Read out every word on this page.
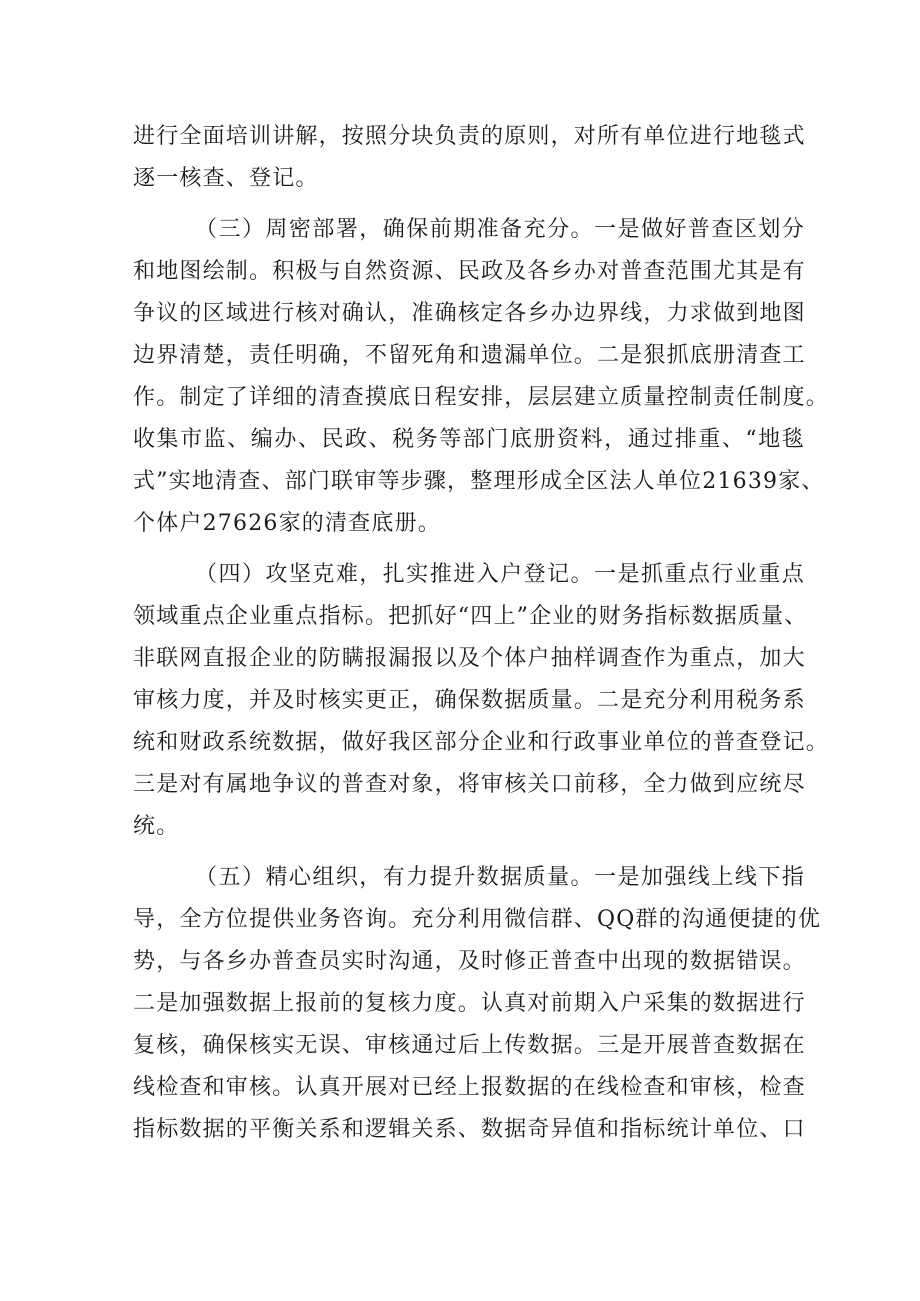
进行全面培训讲解，按照分块负责的原则，对所有单位进行地毯式
逐一核查、登记。

（三）周密部署，确保前期准备充分。一是做好普查区划分
和地图绘制。积极与自然资源、民政及各乡办对普查范围尤其是有
争议的区域进行核对确认，准确核定各乡办边界线，力求做到地图
边界清楚，责任明确，不留死角和遗漏单位。二是狠抓底册清查工
作。制定了详细的清查摸底日程安排，层层建立质量控制责任制度。
收集市监、编办、民政、税务等部门底册资料，通过排重、“地毯
式”实地清查、部门联审等步骤，整理形成全区法人单位21639家、
个体户27626家的清查底册。

（四）攻坚克难，扎实推进入户登记。一是抓重点行业重点
领域重点企业重点指标。把抓好“四上”企业的财务指标数据质量、
非联网直报企业的防瞒报漏报以及个体户抽样调查作为重点，加大
审核力度，并及时核实更正，确保数据质量。二是充分利用税务系
统和财政系统数据，做好我区部分企业和行政事业单位的普查登记。
三是对有属地争议的普查对象，将审核关口前移，全力做到应统尽
统。

（五）精心组织，有力提升数据质量。一是加强线上线下指
导，全方位提供业务咨询。充分利用微信群、QQ群的沟通便捷的优
势，与各乡办普查员实时沟通，及时修正普查中出现的数据错误。
二是加强数据上报前的复核力度。认真对前期入户采集的数据进行
复核，确保核实无误、审核通过后上传数据。三是开展普查数据在
线检查和审核。认真开展对已经上报数据的在线检查和审核，检查
指标数据的平衡关系和逻辑关系、数据奇异值和指标统计单位、口
